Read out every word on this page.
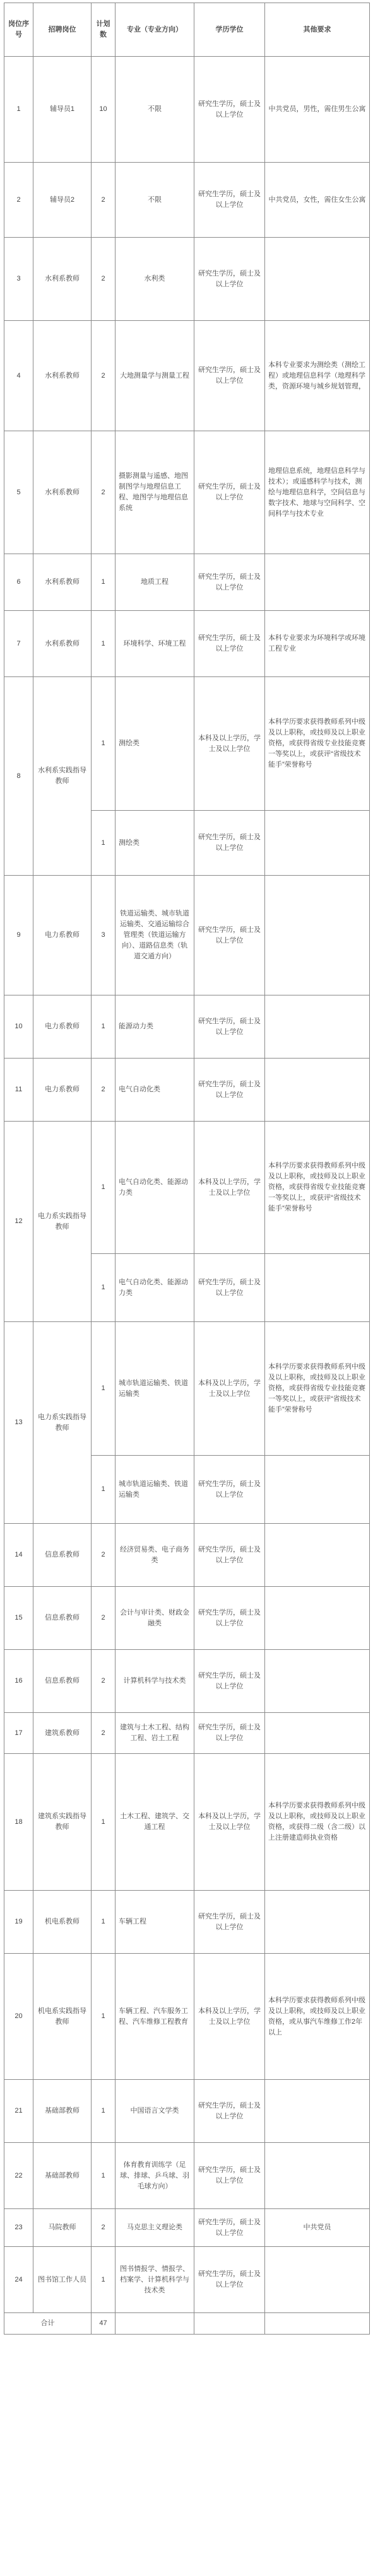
岗位序号	招聘岗位	计划数	专业（专业方向）	学历学位	其他要求
1	辅导员1	10	不限	研究生学历，硕士及以上学位	中共党员，男性，需住男生公寓
2	辅导员2	2	不限	研究生学历，硕士及以上学位	中共党员，女性，需住女生公寓
3	水利系教师	2	水利类	研究生学历，硕士及以上学位	
4	水利系教师	2	大地测量学与测量工程	研究生学历，硕士及以上学位	本科专业要求为测绘类（测绘工程）或地理信息科学（地理科学类，资源环境与城乡规划管理，
5	水利系教师	2	摄影测量与遥感、地图制图学与地理信息工程、地图学与地理信息系统	研究生学历，硕士及以上学位	地理信息系统，地理信息科学与技术）；或遥感科学与技术，测绘与地理信息科学，空间信息与数字技术、地球与空间科学、空间科学与技术专业
6	水利系教师	1	地质工程	研究生学历，硕士及以上学位	
7	水利系教师	1	环境科学、环境工程	研究生学历，硕士及以上学位	本科专业要求为环境科学或环境工程专业
8	水利系实践指导教师	1	测绘类	本科及以上学历，学士及以上学位	本科学历要求获得教师系列中级及以上职称，或技师及以上职业资格，或获得省级专业技能竞赛一等奖以上，或获评“省级技术能手”荣誉称号
		1	测绘类	研究生学历，硕士及以上学位	
9	电力系教师	3	铁道运输类、城市轨道运输类、交通运输综合管理类（铁道运输方向）、道路信息类（轨道交通方向）	研究生学历，硕士及以上学位	
10	电力系教师	1	能源动力类	研究生学历，硕士及以上学位	
11	电力系教师	2	电气自动化类	研究生学历，硕士及以上学位	
12	电力系实践指导教师	1	电气自动化类、能源动力类	本科及以上学历，学士及以上学位	本科学历要求获得教师系列中级及以上职称，或技师及以上职业资格，或获得省级专业技能竞赛一等奖以上，或获评“省级技术能手”荣誉称号
		1	电气自动化类、能源动力类	研究生学历，硕士及以上学位	
13	电力系实践指导教师	1	城市轨道运输类、铁道运输类	本科及以上学历，学士及以上学位	本科学历要求获得教师系列中级及以上职称，或技师及以上职业资格，或获得省级专业技能竞赛一等奖以上，或获评“省级技术能手”荣誉称号
		1	城市轨道运输类、铁道运输类	研究生学历，硕士及以上学位	
14	信息系教师	2	经济贸易类、电子商务类	研究生学历，硕士及以上学位	
15	信息系教师	2	会计与审计类、财政金融类	研究生学历，硕士及以上学位	
16	信息系教师	2	计算机科学与技术类	研究生学历，硕士及以上学位	
17	建筑系教师	2	建筑与土木工程、结构工程、岩土工程	研究生学历，硕士及以上学位	
18	建筑系实践指导教师	1	土木工程、建筑学、交通工程	本科及以上学历，学士及以上学位	本科学历要求获得教师系列中级及以上职称，或技师及以上职业资格，或获得二级（含二级）以上注册建造师执业资格
19	机电系教师	1	车辆工程	研究生学历，硕士及以上学位	
20	机电系实践指导教师	1	车辆工程、汽车服务工程、汽车维修工程教育	本科及以上学历，学士及以上学位	本科学历要求获得教师系列中级及以上职称，或技师及以上职业资格，或从事汽车维修工作2年以上
21	基础部教师	1	中国语言文学类	研究生学历，硕士及以上学位	
22	基础部教师	1	体育教育训练学（足球、排球、乒乓球、羽毛球方向）	研究生学历，硕士及以上学位	
23	马院教师	2	马克思主义理论类	研究生学历，硕士及以上学位	中共党员
24	图书馆工作人员	1	图书情报学、情报学、档案学、计算机科学与技术类	研究生学历，硕士及以上学位	
合计		47			
